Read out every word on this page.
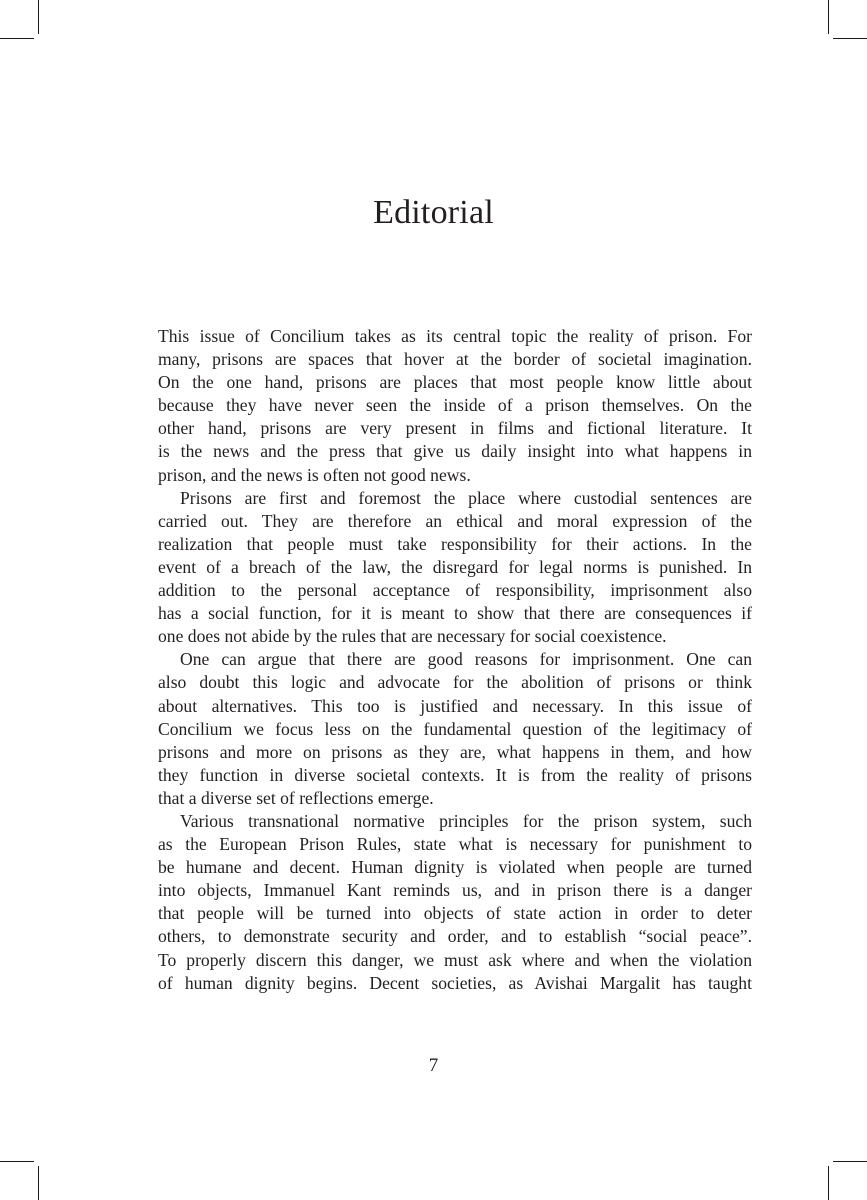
Editorial

This issue of Concilium takes as its central topic the reality of prison. For
many, prisons are spaces that hover at the border of societal imagination.
On the one hand, prisons are places that most people know little about
because they have never seen the inside of a prison themselves. On the
other hand, prisons are very present in films and fictional literature. It
is the news and the press that give us daily insight into what happens in
prison, and the news is often not good news.

Prisons are first and foremost the place where custodial sentences are
carried out. They are therefore an ethical and moral expression of the
realization that people must take responsibility for their actions. In the
event of a breach of the law, the disregard for legal norms is punished. In
addition to the personal acceptance of responsibility, imprisonment also
has a social function, for it is meant to show that there are consequences if
one does not abide by the rules that are necessary for social coexistence.

One can argue that there are good reasons for imprisonment. One can
also doubt this logic and advocate for the abolition of prisons or think
about alternatives. This too is justified and necessary. In this issue of
Concilium we focus less on the fundamental question of the legitimacy of
prisons and more on prisons as they are, what happens in them, and how
they function in diverse societal contexts. It is from the reality of prisons
that a diverse set of reflections emerge.

Various transnational normative principles for the prison system, such
as the European Prison Rules, state what is necessary for punishment to
be humane and decent. Human dignity is violated when people are turned
into objects, Immanuel Kant reminds us, and in prison there is a danger
that people will be turned into objects of state action in order to deter
others, to demonstrate security and order, and to establish “social peace”.
To properly discern this danger, we must ask where and when the violation
of human dignity begins. Decent societies, as Avishai Margalit has taught

7
